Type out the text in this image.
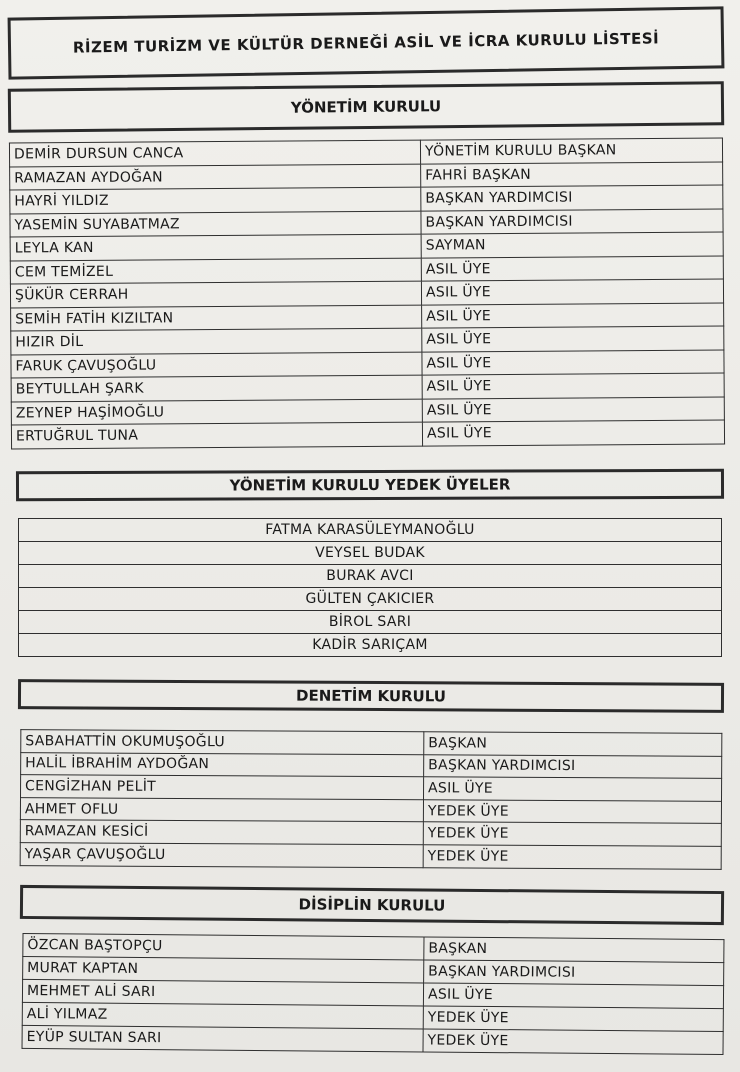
RİZEM TURİZM VE KÜLTÜR DERNEĞİ ASİL VE İCRA KURULU LİSTESİ
YÖNETİM KURULU
DEMİR DURSUN CANCA	YÖNETİM KURULU BAŞKAN
RAMAZAN AYDOĞAN	FAHRİ BAŞKAN
HAYRİ YILDIZ	BAŞKAN YARDIMCISI
YASEMİN SUYABATMAZ	BAŞKAN YARDIMCISI
LEYLA KAN	SAYMAN
CEM TEMİZEL	ASIL ÜYE
ŞÜKÜR CERRAH	ASIL ÜYE
SEMİH FATİH KIZILTAN	ASIL ÜYE
HIZIR DİL	ASIL ÜYE
FARUK ÇAVUŞOĞLU	ASIL ÜYE
BEYTULLAH ŞARK	ASIL ÜYE
ZEYNEP HAŞİMOĞLU	ASIL ÜYE
ERTUĞRUL TUNA	ASIL ÜYE
YÖNETİM KURULU YEDEK ÜYELER
FATMA KARASÜLEYMANOĞLU
VEYSEL BUDAK
BURAK AVCI
GÜLTEN ÇAKICIER
BİROL SARI
KADİR SARIÇAM
DENETİM KURULU
SABAHATTİN OKUMUŞOĞLU	BAŞKAN
HALİL İBRAHİM AYDOĞAN	BAŞKAN YARDIMCISI
CENGİZHAN PELİT	ASIL ÜYE
AHMET OFLU	YEDEK ÜYE
RAMAZAN KESİCİ	YEDEK ÜYE
YAŞAR ÇAVUŞOĞLU	YEDEK ÜYE
DİSİPLİN KURULU
ÖZCAN BAŞTOPÇU	BAŞKAN
MURAT KAPTAN	BAŞKAN YARDIMCISI
MEHMET ALİ SARI	ASIL ÜYE
ALİ YILMAZ	YEDEK ÜYE
EYÜP SULTAN SARI	YEDEK ÜYE
